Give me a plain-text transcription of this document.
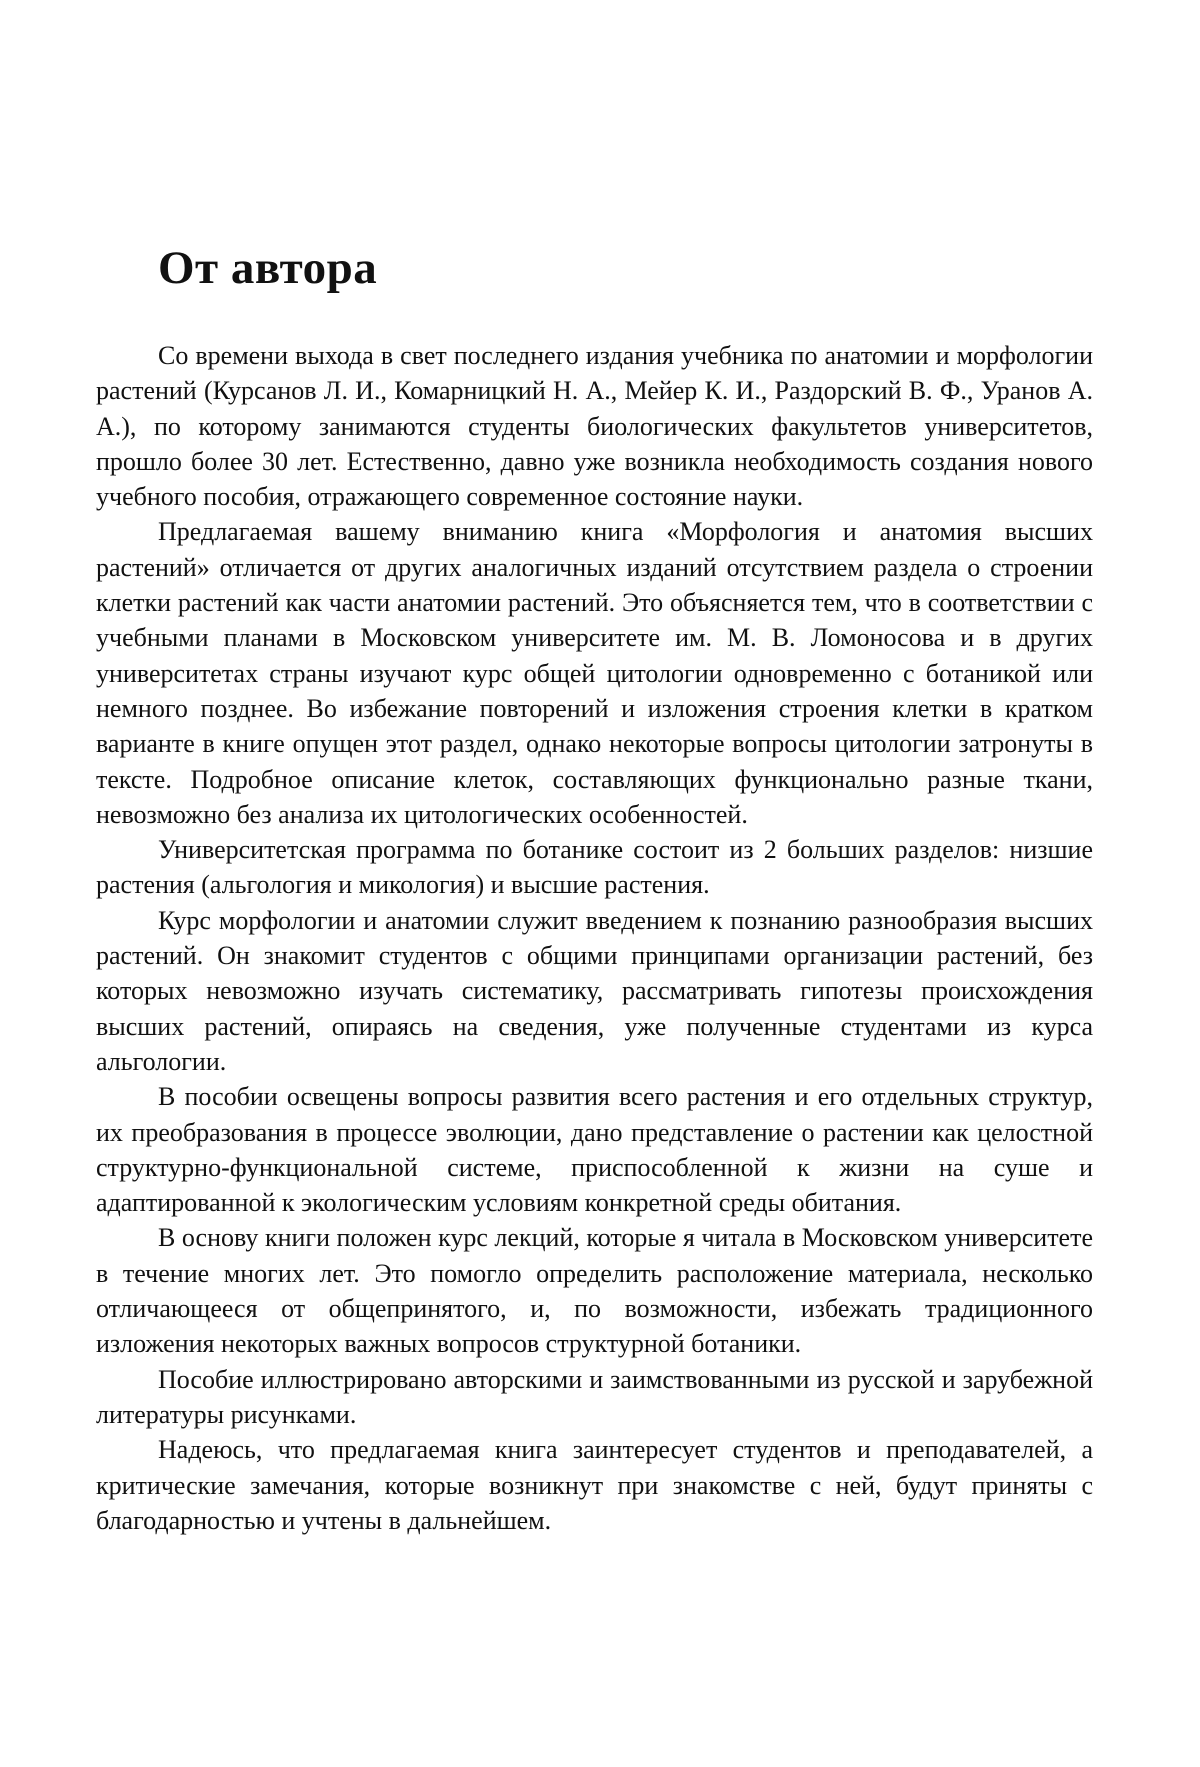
От автора

Со времени выхода в свет последнего издания учебника по анатомии и морфологии растений (Курсанов Л. И., Комарницкий Н. А., Мейер К. И., Раздорский В. Ф., Уранов А. А.), по которому занимаются студенты биологических факультетов университетов, прошло более 30 лет. Естественно, давно уже возникла необходимость создания нового учебного пособия, отражающего современное состояние науки.

Предлагаемая вашему вниманию книга «Морфология и анатомия высших растений» отличается от других аналогичных изданий отсутствием раздела о строении клетки растений как части анатомии растений. Это объясняется тем, что в соответствии с учебными планами в Московском университете им. М. В. Ломоносова и в других университетах страны изучают курс общей цитологии одновременно с ботаникой или немного позднее. Во избежание повторений и изложения строения клетки в кратком варианте в книге опущен этот раздел, однако некоторые вопросы цитологии затронуты в тексте. Подробное описание клеток, составляющих функционально разные ткани, невозможно без анализа их цитологических особенностей.

Университетская программа по ботанике состоит из 2 больших разделов: низшие растения (альгология и микология) и высшие растения.

Курс морфологии и анатомии служит введением к познанию разнообразия высших растений. Он знакомит студентов с общими принципами организации растений, без которых невозможно изучать систематику, рассматривать гипотезы происхождения высших растений, опираясь на сведения, уже полученные студентами из курса альгологии.

В пособии освещены вопросы развития всего растения и его отдельных структур, их преобразования в процессе эволюции, дано представление о растении как целостной структурно-функциональной системе, приспособленной к жизни на суше и адаптированной к экологическим условиям конкретной среды обитания.

В основу книги положен курс лекций, которые я читала в Московском университете в течение многих лет. Это помогло определить расположение материала, несколько отличающееся от общепринятого, и, по возможности, избежать традиционного изложения некоторых важных вопросов структурной ботаники.

Пособие иллюстрировано авторскими и заимствованными из русской и зарубежной литературы рисунками.

Надеюсь, что предлагаемая книга заинтересует студентов и преподавателей, а критические замечания, которые возникнут при знакомстве с ней, будут приняты с благодарностью и учтены в дальнейшем.
